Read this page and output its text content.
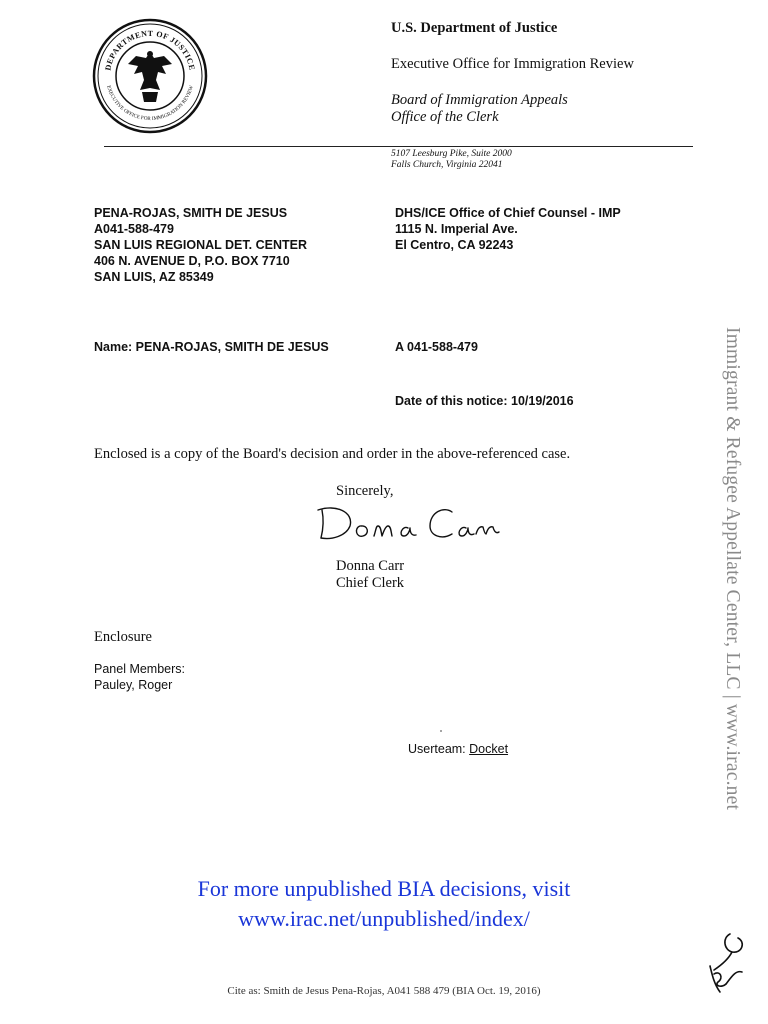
DEPARTMENT OF JUSTICE
EXECUTIVE OFFICE FOR IMMIGRATION REVIEW
U.S. Department of Justice
Executive Office for Immigration Review
Board of Immigration Appeals
Office of the Clerk
5107 Leesburg Pike, Suite 2000
Falls Church, Virginia 22041
PENA-ROJAS, SMITH DE JESUS
A041-588-479
SAN LUIS REGIONAL DET. CENTER
406 N. AVENUE D, P.O. BOX 7710
SAN LUIS, AZ 85349
DHS/ICE Office of Chief Counsel - IMP
1115 N. Imperial Ave.
El Centro, CA 92243
Name: PENA-ROJAS, SMITH DE JESUS	A 041-588-479
Date of this notice: 10/19/2016
Enclosed is a copy of the Board's decision and order in the above-referenced case.
Sincerely,
Donna Carr
Chief Clerk
Enclosure
Panel Members:
Pauley, Roger
Userteam: Docket
For more unpublished BIA decisions, visit
www.irac.net/unpublished/index/
Cite as: Smith de Jesus Pena-Rojas, A041 588 479 (BIA Oct. 19, 2016)
Immigrant & Refugee Appellate Center, LLC | www.irac.net
